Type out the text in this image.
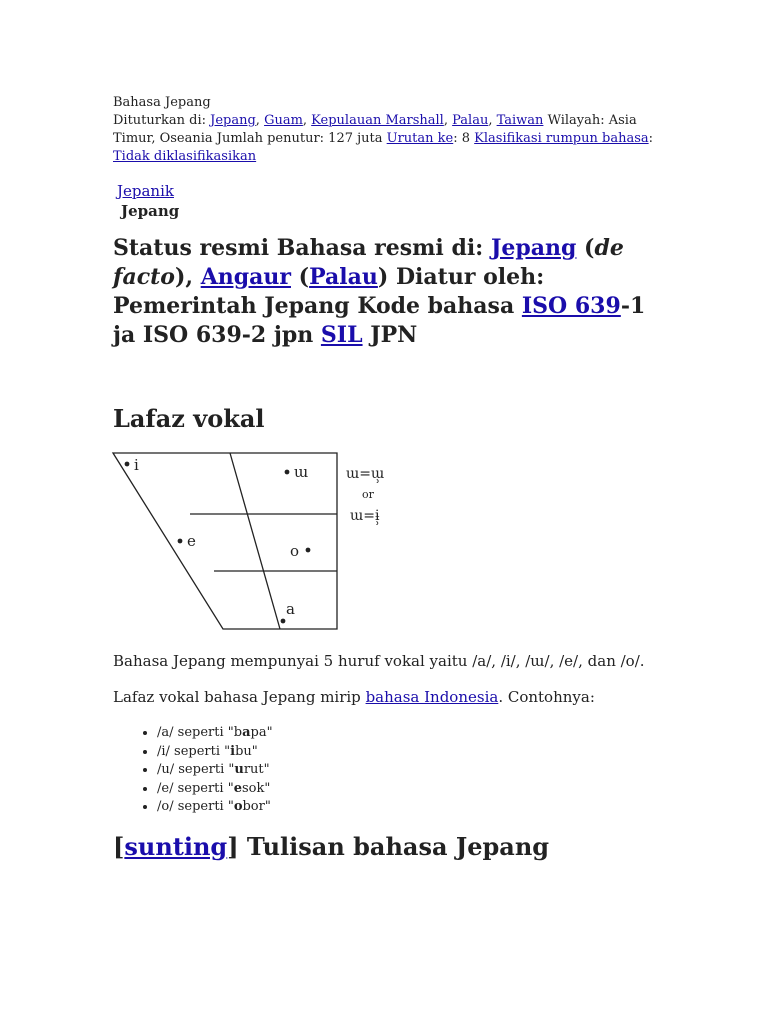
Bahasa Jepang
Dituturkan di: Jepang, Guam, Kepulauan Marshall, Palau, Taiwan Wilayah: Asia Timur, Oseania Jumlah penutur: 127 juta Urutan ke: 8 Klasifikasi rumpun bahasa: Tidak diklasifikasikan
Jepanik
Jepang
Status resmi Bahasa resmi di: Jepang (de facto), Angaur (Palau) Diatur oleh: Pemerintah Jepang Kode bahasa ISO 639-1 ja ISO 639-2 jpn SIL JPN
Lafaz vokal
i	ɯ
e
o
a
ɯ=ɯ̹
or
ɯ=ɨ̹
Bahasa Jepang mempunyai 5 huruf vokal yaitu /a/, /i/, /ɯ/, /e/, dan /o/.
Lafaz vokal bahasa Jepang mirip bahasa Indonesia. Contohnya:
• /a/ seperti "bapa"
• /i/ seperti "ibu"
• /u/ seperti "urut"
• /e/ seperti "esok"
• /o/ seperti "obor"
[sunting] Tulisan bahasa Jepang
